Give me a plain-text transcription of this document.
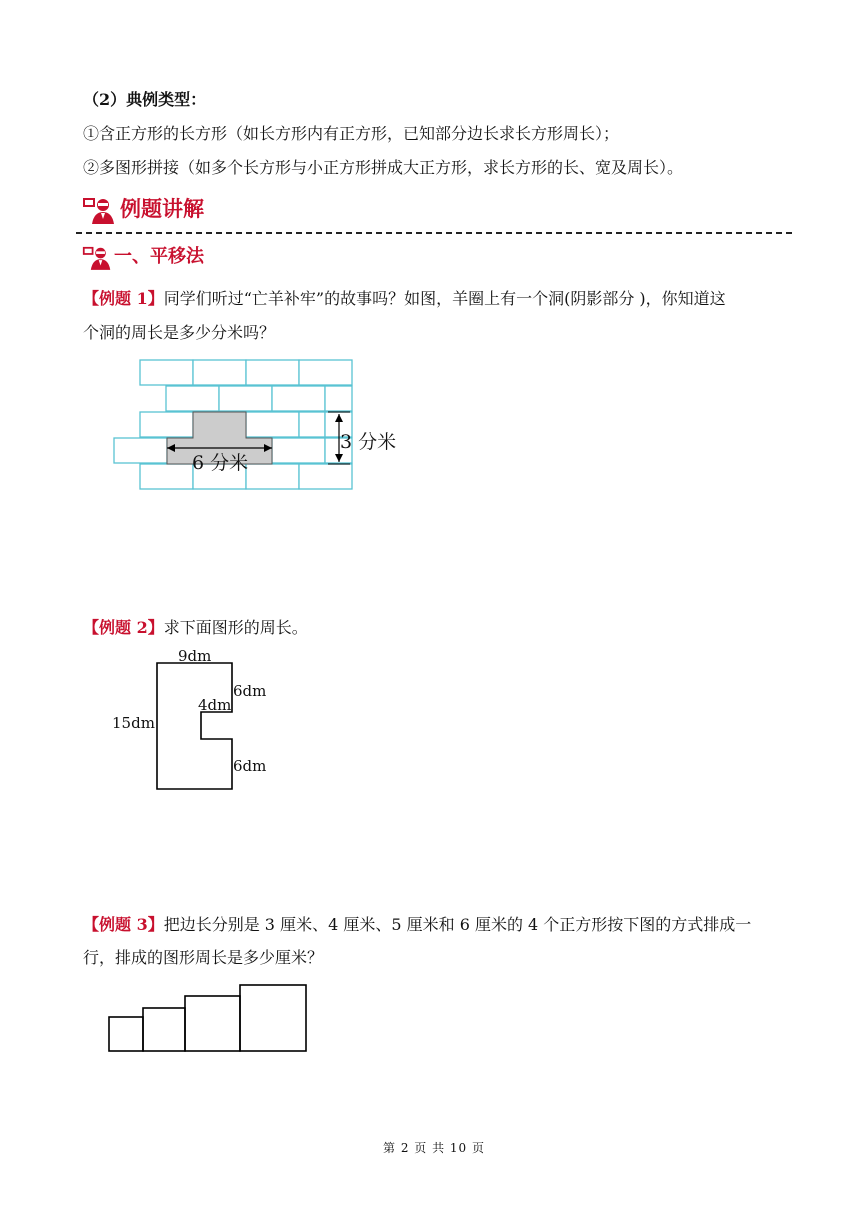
（2）典例类型：
①含正方形的长方形（如长方形内有正方形，已知部分边长求长方形周长）；
②多图形拼接（如多个长方形与小正方形拼成大正方形，求长方形的长、宽及周长）。
例题讲解
一、平移法
【例题 1】同学们听过“亡羊补牢”的故事吗？如图，羊圈上有一个洞(阴影部分 )，你知道这
个洞的周长是多少分米吗？
6 分米
3 分米
【例题 2】求下面图形的周长。
9dm
15dm
6dm
4dm
6dm
【例题 3】把边长分别是 3 厘米、4 厘米、5 厘米和 6 厘米的 4 个正方形按下图的方式排成一
行，排成的图形周长是多少厘米？
第 2 页 共 10 页
